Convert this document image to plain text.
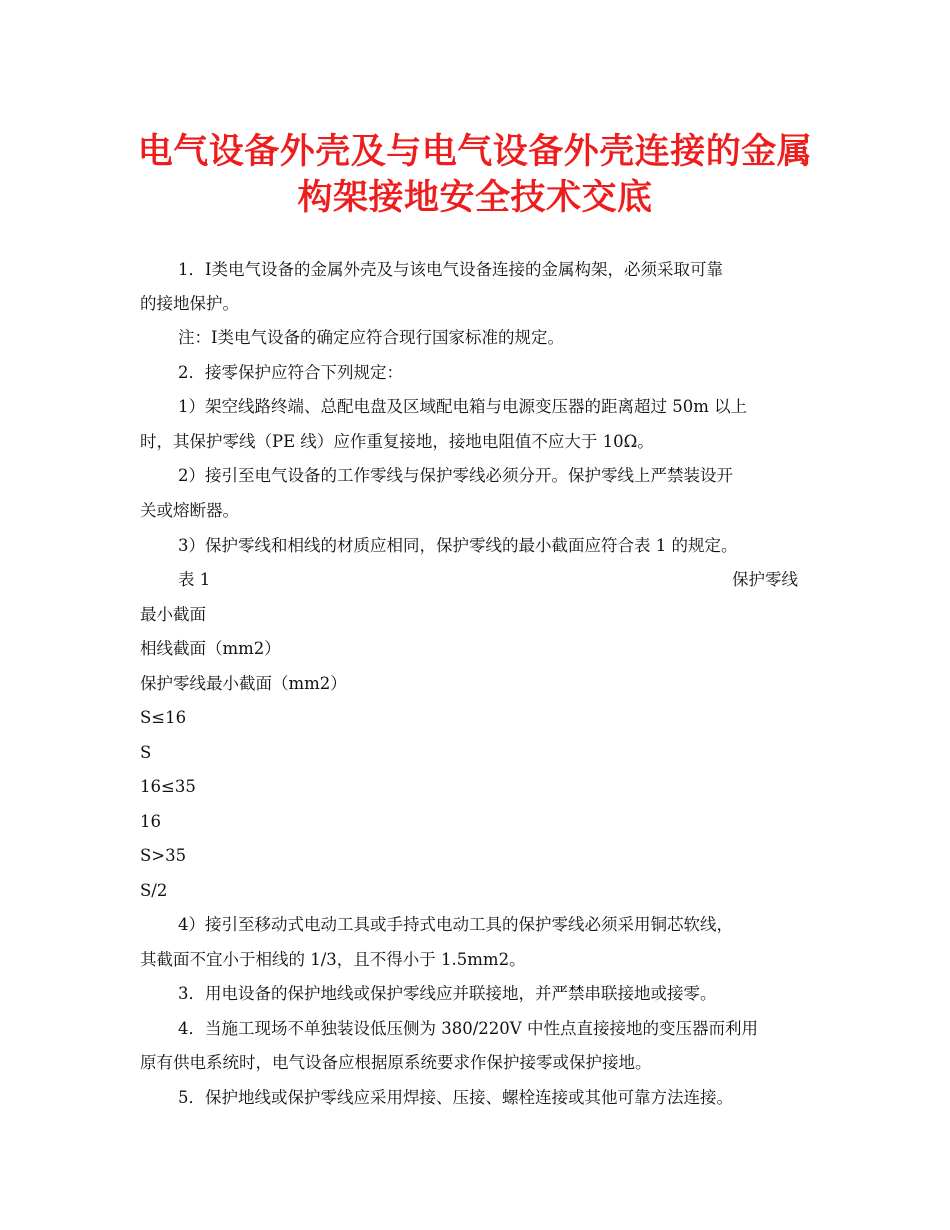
电气设备外壳及与电气设备外壳连接的金属
构架接地安全技术交底
1．Ⅰ类电气设备的金属外壳及与该电气设备连接的金属构架，必须采取可靠
的接地保护。
注：Ⅰ类电气设备的确定应符合现行国家标准的规定。
2．接零保护应符合下列规定：
1）架空线路终端、总配电盘及区域配电箱与电源变压器的距离超过 50m 以上
时，其保护零线（PE 线）应作重复接地，接地电阻值不应大于 10Ω。
2）接引至电气设备的工作零线与保护零线必须分开。保护零线上严禁装设开
关或熔断器。
3）保护零线和相线的材质应相同，保护零线的最小截面应符合表 1 的规定。
表 1	保护零线
最小截面
相线截面（mm2）
保护零线最小截面（mm2）
S≤16
S
16≤35
16
S>35
S/2
4）接引至移动式电动工具或手持式电动工具的保护零线必须采用铜芯软线，
其截面不宜小于相线的 1/3，且不得小于 1.5mm2。
3．用电设备的保护地线或保护零线应并联接地，并严禁串联接地或接零。
4．当施工现场不单独装设低压侧为 380/220V 中性点直接接地的变压器而利用
原有供电系统时，电气设备应根据原系统要求作保护接零或保护接地。
5．保护地线或保护零线应采用焊接、压接、螺栓连接或其他可靠方法连接。
